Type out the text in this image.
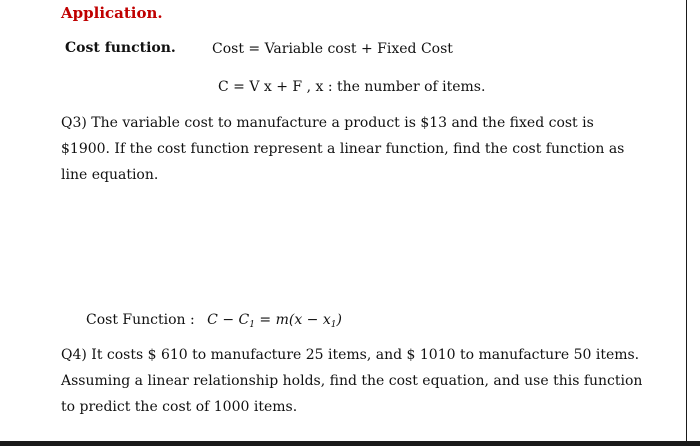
Application.
Cost function.	Cost = Variable cost + Fixed Cost
C = V x + F , x : the number of items.
Q3) The variable cost to manufacture a product is $13 and the fixed cost is
$1900. If the cost function represent a linear function, find the cost function as
line equation.
Cost Function : $C - C_1 = m(x - x_1)$
Q4) It costs $ 610 to manufacture 25 items, and $ 1010 to manufacture 50 items.
Assuming a linear relationship holds, find the cost equation, and use this function
to predict the cost of 1000 items.
